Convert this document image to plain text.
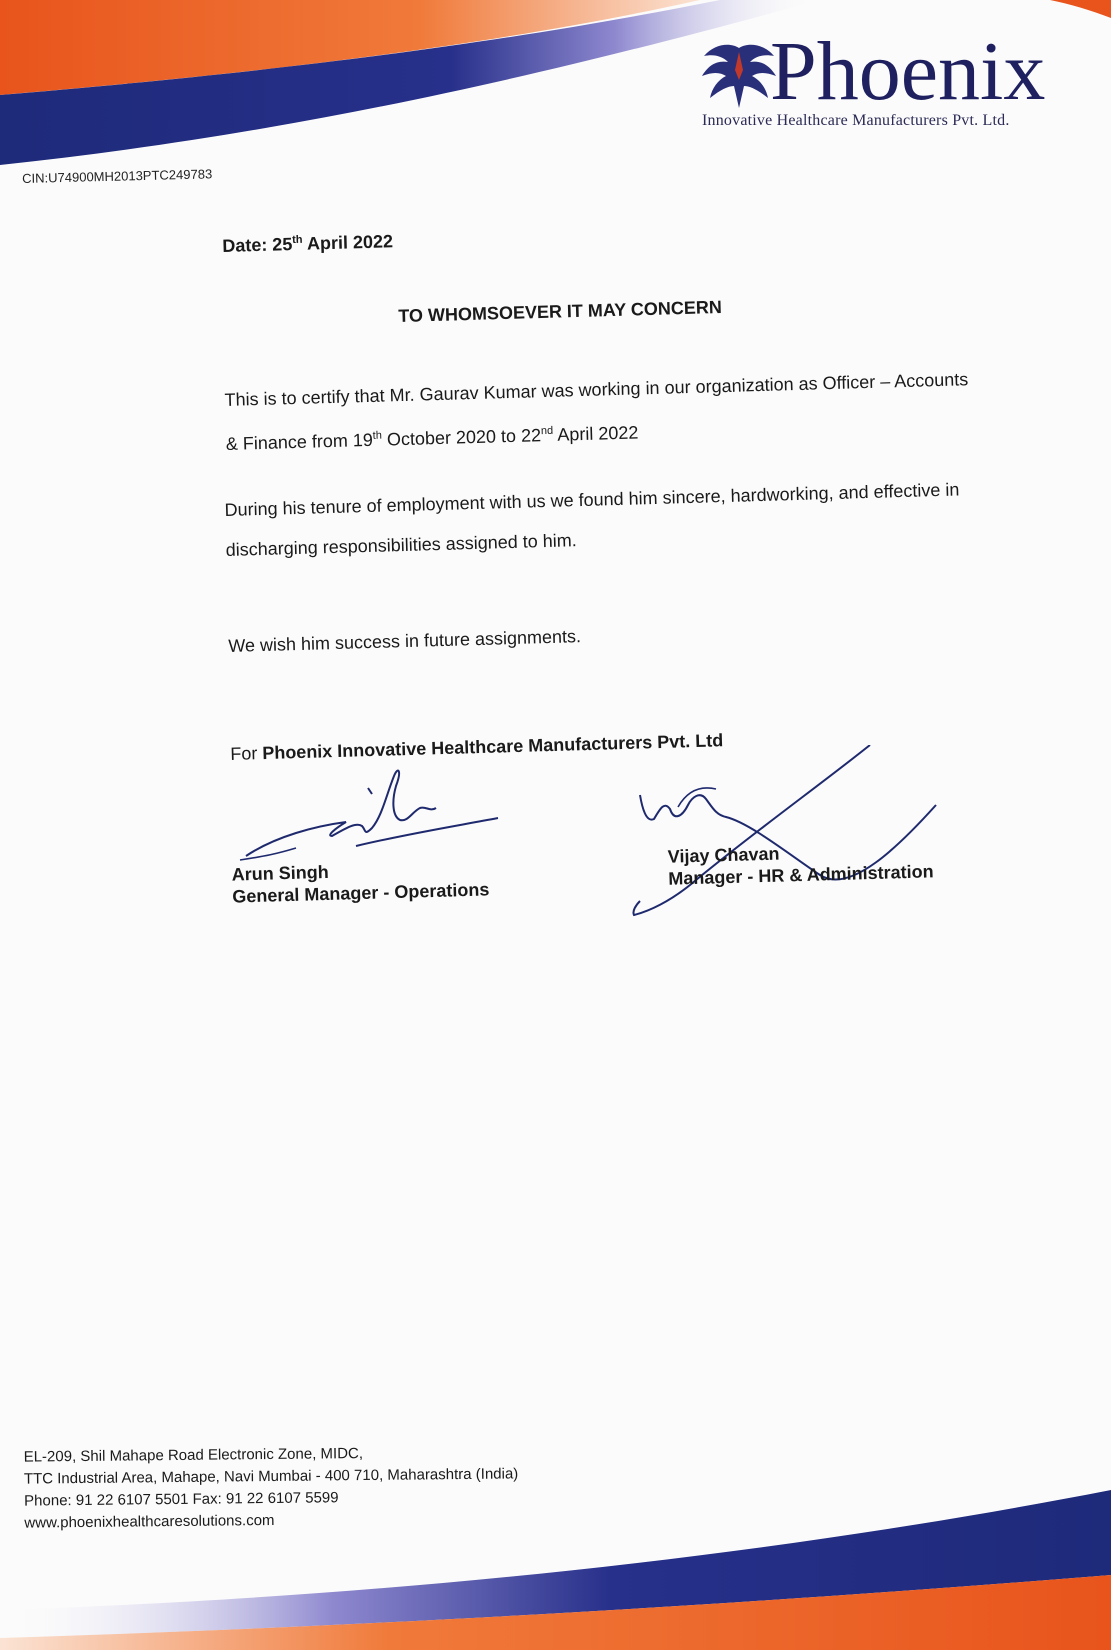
Phoenix
Innovative Healthcare Manufacturers Pvt. Ltd.
CIN:U74900MH2013PTC249783
Date: 25th April 2022
TO WHOMSOEVER IT MAY CONCERN
This is to certify that Mr. Gaurav Kumar was working in our organization as Officer – Accounts & Finance from 19th October 2020 to 22nd April 2022
During his tenure of employment with us we found him sincere, hardworking, and effective in discharging responsibilities assigned to him.
We wish him success in future assignments.
For Phoenix Innovative Healthcare Manufacturers Pvt. Ltd
Arun Singh
General Manager - Operations
Vijay Chavan
Manager - HR & Administration
EL-209, Shil Mahape Road Electronic Zone, MIDC,
TTC Industrial Area, Mahape, Navi Mumbai - 400 710, Maharashtra (India)
Phone: 91 22 6107 5501 Fax: 91 22 6107 5599
www.phoenixhealthcaresolutions.com
